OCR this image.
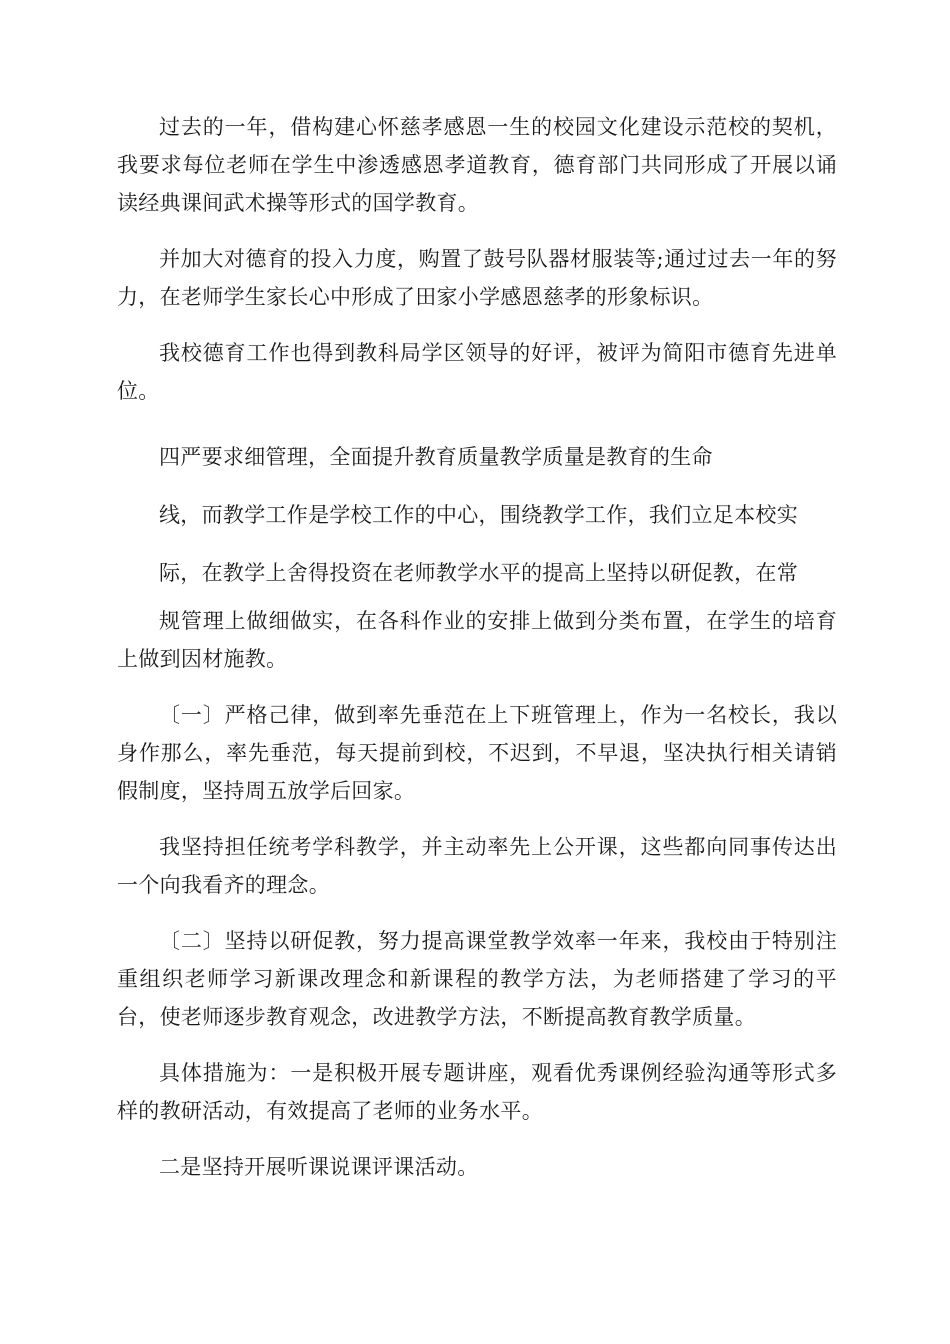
过去的一年，借构建心怀慈孝感恩一生的校园文化建设示范校的契机，我要求每位老师在学生中渗透感恩孝道教育，德育部门共同形成了开展以诵读经典课间武术操等形式的国学教育。

并加大对德育的投入力度，购置了鼓号队器材服装等;通过过去一年的努力，在老师学生家长心中形成了田家小学感恩慈孝的形象标识。

我校德育工作也得到教科局学区领导的好评，被评为简阳市德育先进单位。

四严要求细管理，全面提升教育质量教学质量是教育的生命

线，而教学工作是学校工作的中心，围绕教学工作，我们立足本校实

际，在教学上舍得投资在老师教学水平的提高上坚持以研促教，在常

规管理上做细做实，在各科作业的安排上做到分类布置，在学生的培育上做到因材施教。

〔一〕严格己律，做到率先垂范在上下班管理上，作为一名校长，我以身作那么，率先垂范，每天提前到校，不迟到，不早退，坚决执行相关请销假制度，坚持周五放学后回家。

我坚持担任统考学科教学，并主动率先上公开课，这些都向同事传达出一个向我看齐的理念。

〔二〕坚持以研促教，努力提高课堂教学效率一年来，我校由于特别注重组织老师学习新课改理念和新课程的教学方法，为老师搭建了学习的平台，使老师逐步教育观念，改进教学方法，不断提高教育教学质量。

具体措施为：一是积极开展专题讲座，观看优秀课例经验沟通等形式多样的教研活动，有效提高了老师的业务水平。

二是坚持开展听课说课评课活动。
